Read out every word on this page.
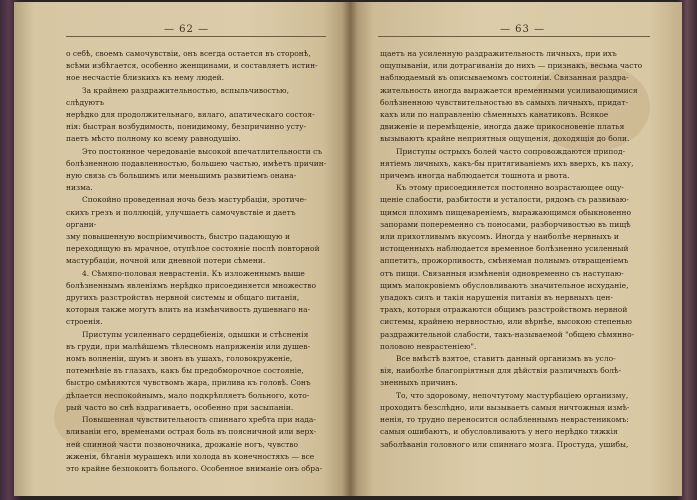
— 62 —

о себѣ, своемъ самочувствіи, онъ всегда остается въ сторонѣ,

всѣми избѣгается, особенно женщинами, и составляетъ истин-

ное несчастіе близкихъ къ нему людей.

За крайнею раздражительностью, вспыльчивостью, слѣдуютъ

нерѣдко для продолжительнаго, вялаго, апатическаго состоя-

нія: быстрая возбудимость, понидимому, безпричинно усту-

паетъ мѣсто полному ко всему равнодушію.

Это постоянное чередованіе высокой впечатлительности съ

болѣзненною подавленностью, большею частью, имѣетъ причин-

ную связь съ большимъ или меньшимъ развитіемъ онана-

низма.

Спокойно проведенная ночь безъ мастурбаціи, эротиче-

скихъ грезъ и поллюцій, улучшаетъ самочувствіе и даетъ органи-

зму повышенную воспріимчивость, быстро падающую и

переходящую въ мрачное, отупѣлое состояніе послѣ повторной

мастурбаціи, ночной или дневной потери сѣмени.

4. Сѣмяпо-половая неврастенія. Къ изложеннымъ выше

болѣзненнымъ явленіямъ нерѣдко присоединяется множество

другихъ разстройствъ нервной системы и общаго питанія,

которыя также могутъ влить на измѣнчивость душевнаго на-

строенія.

Приступы усиленнаго сердцебіенія, одышки и стѣсненія

въ груди, при малѣйшемъ тѣлесномъ напряженіи или душев-

номъ волненіи, шумъ и звонъ въ ушахъ, головокруженіе,

потемнѣніе въ глазахъ, какъ бы предобморочное состояніе,

быстро смѣняются чувствомъ жара, прилива къ головѣ. Сонъ

дѣлается неспокойнымъ, мало подкрѣпляетъ больного, кото-

рый часто во снѣ вздрагиваетъ, особенно при засыпаніи.

Повышенная чувствительность спиннаго хребта при нада-

вливаніи его, временами острая боль въ поясничной или верх-

ней спинной части позвоночника, дрожаніе ногъ, чувство

жженія, бѣганія мурашекъ или холода въ конечностяхъ — все

это крайне безпокоитъ больного. Особенное вниманіе онъ обра-

— 63 —

щаетъ на усиленную раздражительность личныхъ, при ихъ

ощупываніи, или дотрагиваніи до нихъ — признакъ, весьма часто

наблюдаемый въ описываемомъ состояніи. Связанная раздра-

жительность иногда выражается временными усиливающимися

болѣзненною чувствительностью въ самыхъ личныхъ, придат-

кахъ или по направленію сѣменныхъ канатиковъ. Всякое

движеніе и перемѣщеніе, иногда даже прикосновеніе платья

вызываютъ крайне неприятныя ощущенія, доходящія до боли.

Приступы острыхъ болей часто сопровождаются припод-

нятіемъ личныхъ, какъ-бы притягиваніемъ ихъ вверхъ, къ паху,

причемъ иногда наблюдается тошнота и рвота.

Къ этому присоединяется постоянно возрастающее ощу-

щеніе слабости, разбитости и усталости, рядомъ съ развиваю-

щимся плохимъ пищевареніемъ, выражающимся обыкновенно

запорами попеременно съ поносами, разборчивостью въ пищѣ

или прихотливымъ вкусомъ. Иногда у наиболѣе нервныхъ и

истощенныхъ наблюдается временное болѣзненно усиленный

аппетитъ, прожорливость, смѣняемая полнымъ отвращеніемъ

отъ пищи. Связанныя измѣненія одновременно съ наступаю-

щимъ малокровіемъ обусловливаютъ значительное исхуданіе,

упадокъ силъ и такія нарушенія питанія въ нервныхъ цен-

трахъ, которыя отражаются общимъ разстройствомъ нервной

системы, крайнею нервностью, или вѣрнѣе, высокою степенью

раздражительной слабости, такъ-называемой "общею сѣмянно-

половою неврастеніею".

Все вмѣстѣ взятое, ставитъ данный организмъ въ усло-

вія, наиболѣе благопріятныя для дѣйствія различныхъ болѣ-

зненныхъ причинъ.

То, что здоровому, непочтутому мастурбаціею организму,

проходитъ безслѣдно, или вызываетъ самыя ничтожныя измѣ-

ненія, то трудно переносится ослабленнымъ неврастеникомъ:

самыя ошибаютъ, и обусловливаютъ у него нерѣдко тяжкія

заболѣванія головного или спиннаго мозга. Простуда, ушибы,
